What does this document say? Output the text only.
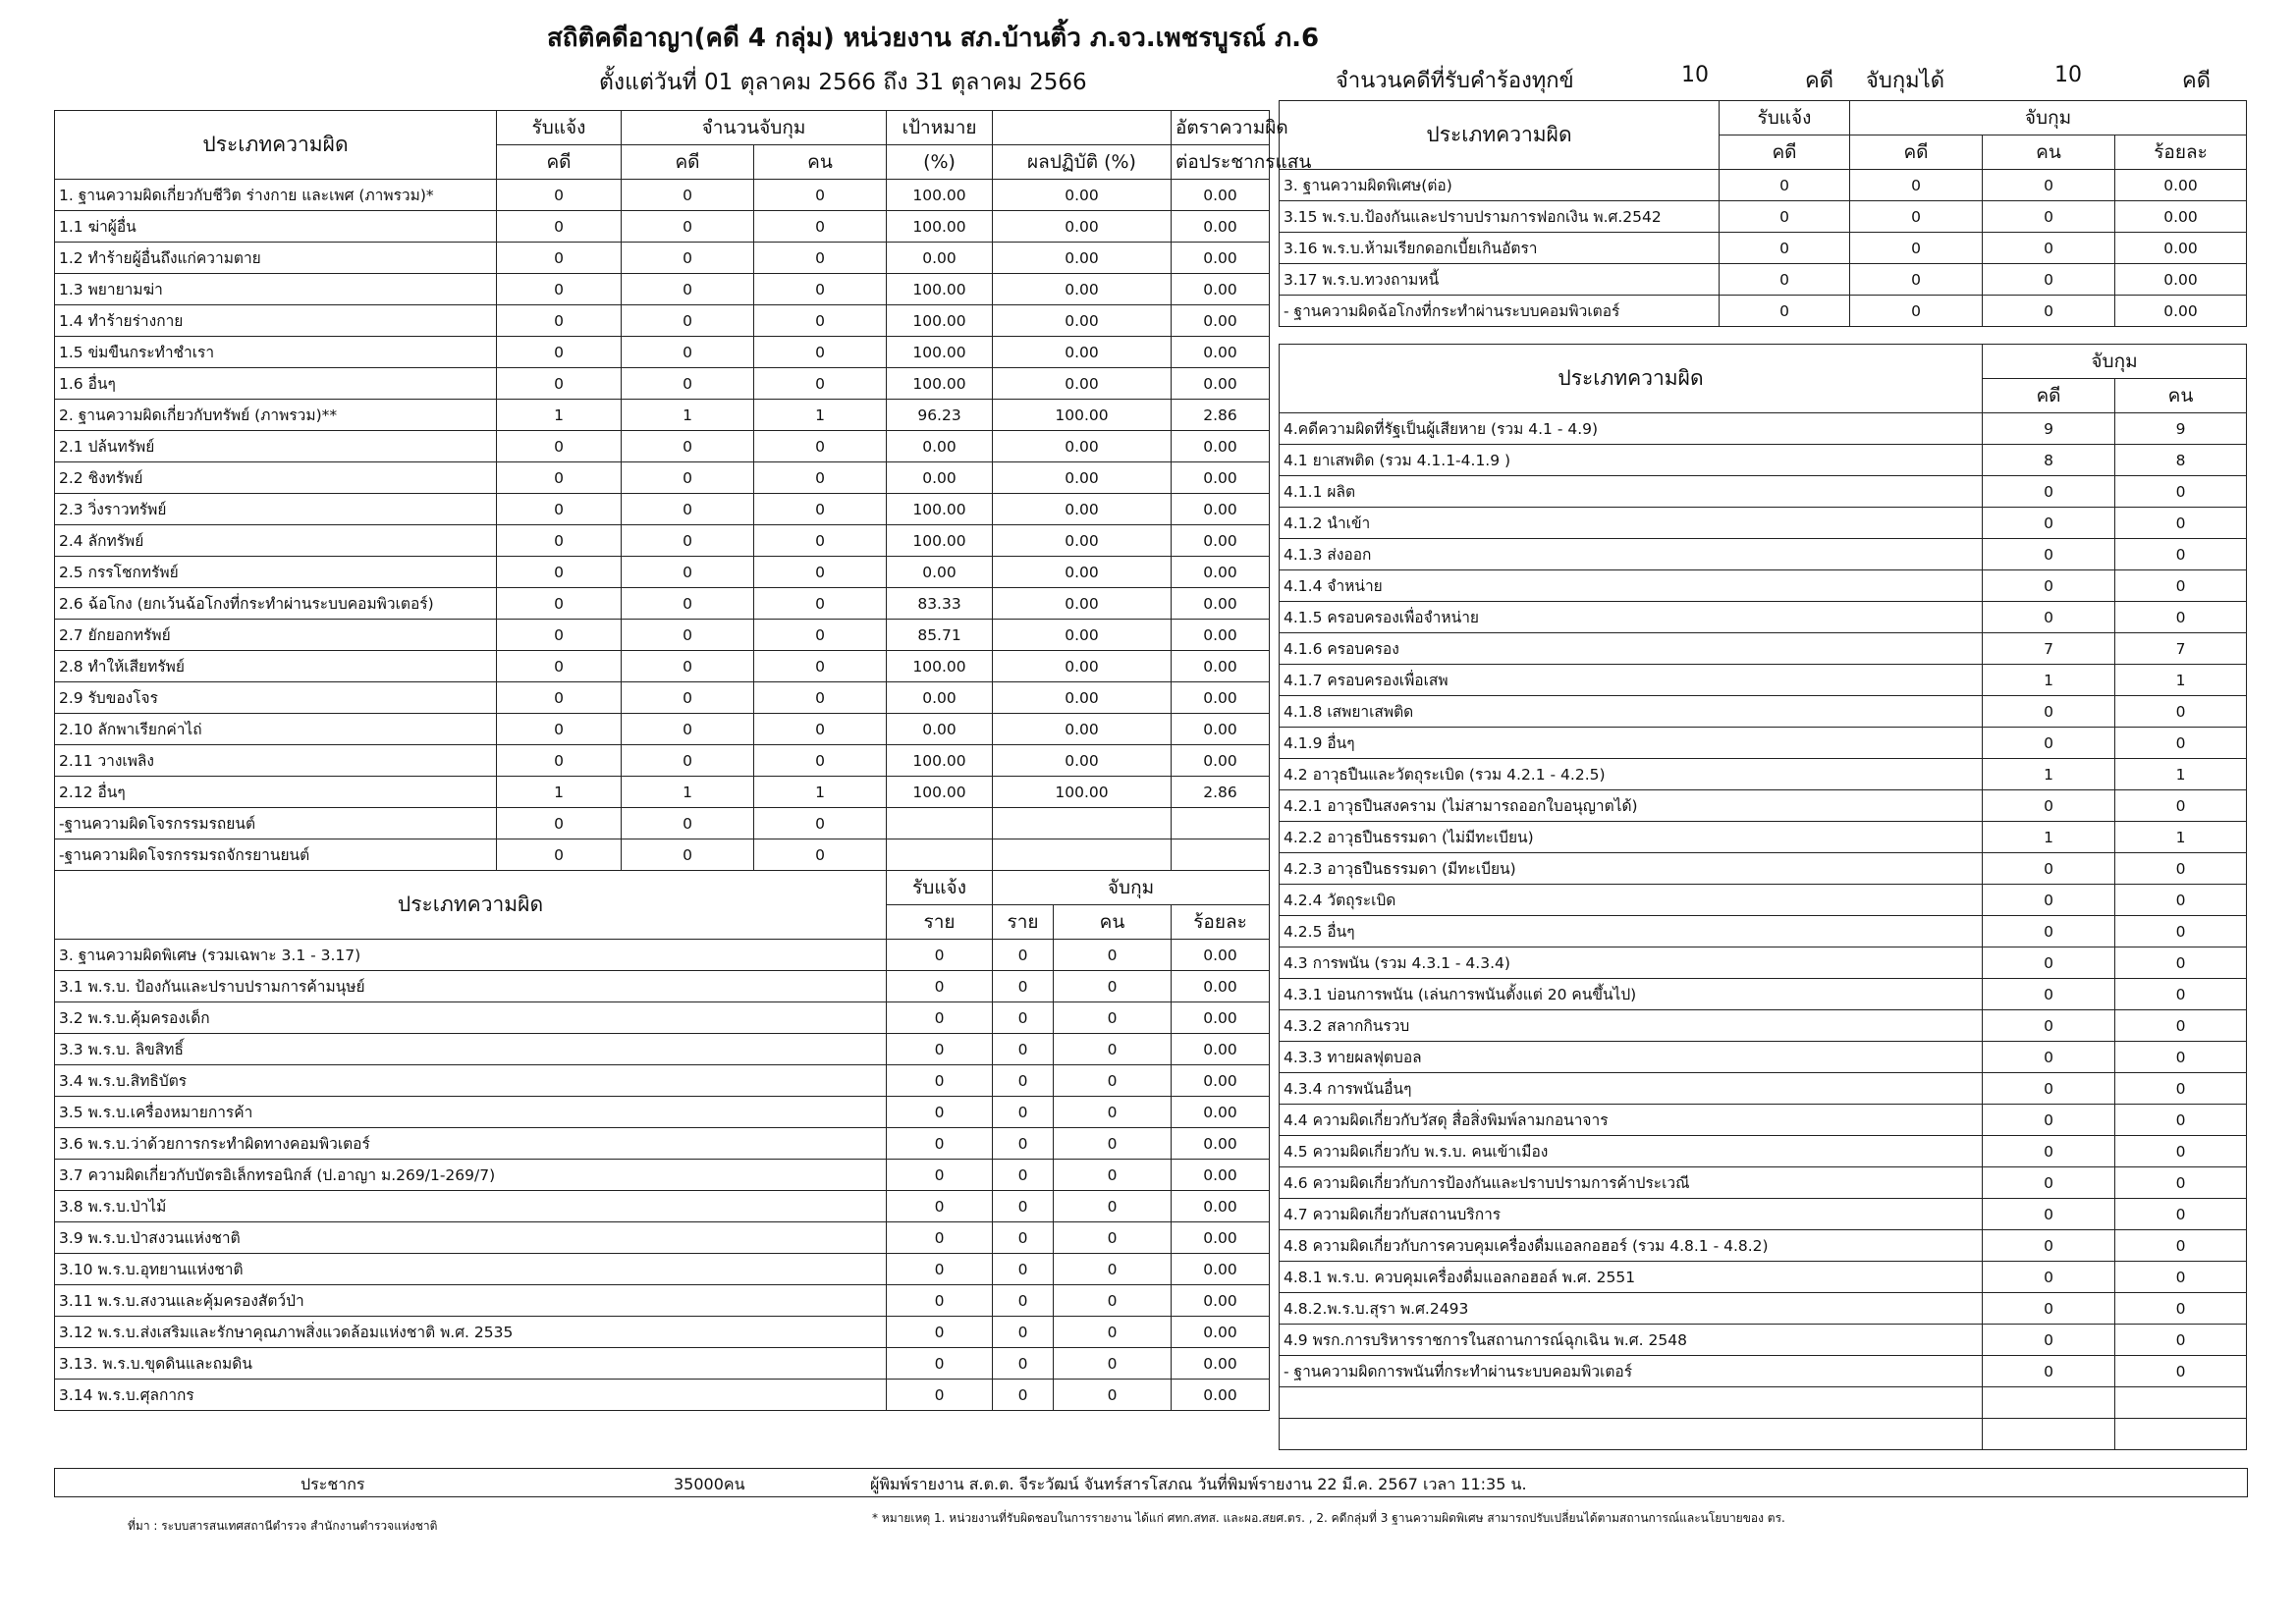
สถิติคดีอาญา(คดี 4 กลุ่ม) หน่วยงาน สภ.บ้านติ้ว ภ.จว.เพชรบูรณ์ ภ.6
ตั้งแต่วันที่ 01 ตุลาคม 2566 ถึง 31 ตุลาคม 2566	จำนวนคดีที่รับคำร้องทุกข์	10	คดี จับกุมได้	10	คดี
ประเภทความผิด	รับแจ้ง	จำนวนจับกุม		เป้าหมาย			อัตราความผิด
	คดี	คดี	คน	(%)	ผลปฏิบัติ (%)		ต่อประชากรแสน
1. ฐานความผิดเกี่ยวกับชีวิต ร่างกาย และเพศ (ภาพรวม)*	0	0	0	100.00	0.00		0.00
1.1 ฆ่าผู้อื่น	0	0	0	100.00	0.00		0.00
1.2 ทำร้ายผู้อื่นถึงแก่ความตาย	0	0	0	0.00	0.00		0.00
1.3 พยายามฆ่า	0	0	0	100.00	0.00		0.00
1.4 ทำร้ายร่างกาย	0	0	0	100.00	0.00		0.00
1.5 ข่มขืนกระทำชำเรา	0	0	0	100.00	0.00		0.00
1.6 อื่นๆ	0	0	0	100.00	0.00		0.00
2. ฐานความผิดเกี่ยวกับทรัพย์ (ภาพรวม)**	1	1	1	96.23	100.00		2.86
2.1 ปล้นทรัพย์	0	0	0	0.00	0.00		0.00
2.2 ชิงทรัพย์	0	0	0	0.00	0.00		0.00
2.3 วิ่งราวทรัพย์	0	0	0	100.00	0.00		0.00
2.4 ลักทรัพย์	0	0	0	100.00	0.00		0.00
2.5 กรรโชกทรัพย์	0	0	0	0.00	0.00		0.00
2.6 ฉ้อโกง (ยกเว้นฉ้อโกงที่กระทำผ่านระบบคอมพิวเตอร์)	0	0	0	83.33	0.00		0.00
2.7 ยักยอกทรัพย์	0	0	0	85.71	0.00		0.00
2.8 ทำให้เสียทรัพย์	0	0	0	100.00	0.00		0.00
2.9 รับของโจร	0	0	0	0.00	0.00		0.00
2.10 ลักพาเรียกค่าไถ่	0	0	0	0.00	0.00		0.00
2.11 วางเพลิง	0	0	0	100.00	0.00		0.00
2.12 อื่นๆ	1	1	1	100.00	100.00		2.86
-ฐานความผิดโจรกรรมรถยนต์	0	0	0				
-ฐานความผิดโจรกรรมรถจักรยานยนต์	0	0	0				
ประเภทความผิด				รับแจ้ง	จับกุม		
				ราย	ราย	คน	ร้อยละ
3. ฐานความผิดพิเศษ (รวมเฉพาะ 3.1 - 3.17)				0	0	0	0.00
3.1 พ.ร.บ. ป้องกันและปราบปรามการค้ามนุษย์				0	0	0	0.00
3.2 พ.ร.บ.คุ้มครองเด็ก				0	0	0	0.00
3.3 พ.ร.บ. ลิขสิทธิ์				0	0	0	0.00
3.4 พ.ร.บ.สิทธิบัตร				0	0	0	0.00
3.5 พ.ร.บ.เครื่องหมายการค้า				0	0	0	0.00
3.6 พ.ร.บ.ว่าด้วยการกระทำผิดทางคอมพิวเตอร์				0	0	0	0.00
3.7 ความผิดเกี่ยวกับบัตรอิเล็กทรอนิกส์ (ป.อาญา ม.269/1-269/7)				0	0	0	0.00
3.8 พ.ร.บ.ป่าไม้				0	0	0	0.00
3.9 พ.ร.บ.ป่าสงวนแห่งชาติ				0	0	0	0.00
3.10 พ.ร.บ.อุทยานแห่งชาติ				0	0	0	0.00
3.11 พ.ร.บ.สงวนและคุ้มครองสัตว์ป่า				0	0	0	0.00
3.12 พ.ร.บ.ส่งเสริมและรักษาคุณภาพสิ่งแวดล้อมแห่งชาติ พ.ศ. 2535				0	0	0	0.00
3.13. พ.ร.บ.ขุดดินและถมดิน				0	0	0	0.00
3.14 พ.ร.บ.ศุลกากร				0	0	0	0.00
ประเภทความผิด	รับแจ้ง	จับกุม		
	คดี	คดี	คน	ร้อยละ
3. ฐานความผิดพิเศษ(ต่อ)	0	0	0	0.00
3.15 พ.ร.บ.ป้องกันและปราบปรามการฟอกเงิน พ.ศ.2542	0	0	0	0.00
3.16 พ.ร.บ.ห้ามเรียกดอกเบี้ยเกินอัตรา	0	0	0	0.00
3.17 พ.ร.บ.ทวงถามหนี้	0	0	0	0.00
- ฐานความผิดฉ้อโกงที่กระทำผ่านระบบคอมพิวเตอร์	0	0	0	0.00
ประเภทความผิด	จับกุม	
	คดี	คน
4.คดีความผิดที่รัฐเป็นผู้เสียหาย (รวม 4.1 - 4.9)	9	9
4.1 ยาเสพติด (รวม 4.1.1-4.1.9 )	8	8
4.1.1 ผลิต	0	0
4.1.2 นำเข้า	0	0
4.1.3 ส่งออก	0	0
4.1.4 จำหน่าย	0	0
4.1.5 ครอบครองเพื่อจำหน่าย	0	0
4.1.6 ครอบครอง	7	7
4.1.7 ครอบครองเพื่อเสพ	1	1
4.1.8 เสพยาเสพติด	0	0
4.1.9 อื่นๆ	0	0
4.2 อาวุธปืนและวัตถุระเบิด (รวม 4.2.1 - 4.2.5)	1	1
4.2.1 อาวุธปืนสงคราม (ไม่สามารถออกใบอนุญาตได้)	0	0
4.2.2 อาวุธปืนธรรมดา (ไม่มีทะเบียน)	1	1
4.2.3 อาวุธปืนธรรมดา (มีทะเบียน)	0	0
4.2.4 วัตถุระเบิด	0	0
4.2.5 อื่นๆ	0	0
4.3 การพนัน (รวม 4.3.1 - 4.3.4)	0	0
4.3.1 บ่อนการพนัน (เล่นการพนันตั้งแต่ 20 คนขึ้นไป)	0	0
4.3.2 สลากกินรวบ	0	0
4.3.3 ทายผลฟุตบอล	0	0
4.3.4 การพนันอื่นๆ	0	0
4.4 ความผิดเกี่ยวกับวัสดุ สื่อสิ่งพิมพ์ลามกอนาจาร	0	0
4.5 ความผิดเกี่ยวกับ พ.ร.บ. คนเข้าเมือง	0	0
4.6 ความผิดเกี่ยวกับการป้องกันและปราบปรามการค้าประเวณี	0	0
4.7 ความผิดเกี่ยวกับสถานบริการ	0	0
4.8 ความผิดเกี่ยวกับการควบคุมเครื่องดื่มแอลกอฮอร์ (รวม 4.8.1 - 4.8.2)	0	0
4.8.1 พ.ร.บ. ควบคุมเครื่องดื่มแอลกอฮอล์ พ.ศ. 2551	0	0
4.8.2.พ.ร.บ.สุรา พ.ศ.2493	0	0
4.9 พรก.การบริหารราชการในสถานการณ์ฉุกเฉิน พ.ศ. 2548	0	0
- ฐานความผิดการพนันที่กระทำผ่านระบบคอมพิวเตอร์	0	0

ประชากร	35000คน	ผู้พิมพ์รายงาน ส.ต.ต. จีระวัฒน์ จันทร์สารโสภณ วันที่พิมพ์รายงาน 22 มี.ค. 2567 เวลา 11:35 น.
ที่มา : ระบบสารสนเทศสถานีตำรวจ สำนักงานตำรวจแห่งชาติ
* หมายเหตุ 1. หน่วยงานที่รับผิดชอบในการรายงาน ได้แก่ ศทก.สทส. และผอ.สยศ.ตร. , 2. คดีกลุ่มที่ 3 ฐานความผิดพิเศษ สามารถปรับเปลี่ยนได้ตามสถานการณ์และนโยบายของ ตร.
